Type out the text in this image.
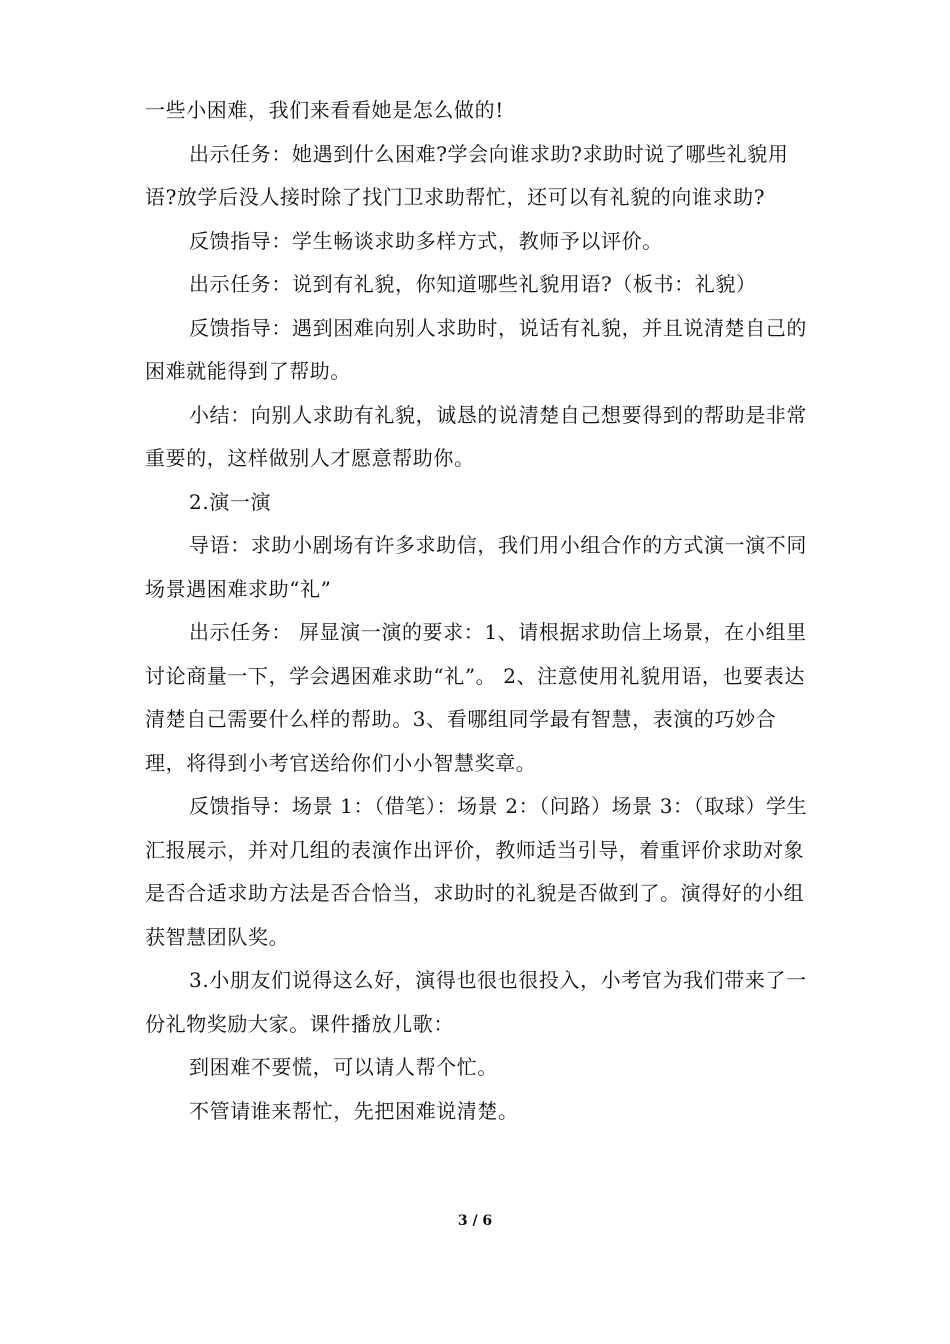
一些小困难，我们来看看她是怎么做的!

出示任务：她遇到什么困难?学会向谁求助?求助时说了哪些礼貌用语?放学后没人接时除了找门卫求助帮忙，还可以有礼貌的向谁求助?

反馈指导：学生畅谈求助多样方式，教师予以评价。

出示任务：说到有礼貌，你知道哪些礼貌用语?（板书：礼貌）

反馈指导：遇到困难向别人求助时，说话有礼貌，并且说清楚自己的困难就能得到了帮助。

小结：向别人求助有礼貌，诚恳的说清楚自己想要得到的帮助是非常重要的，这样做别人才愿意帮助你。

2.演一演

导语：求助小剧场有许多求助信，我们用小组合作的方式演一演不同场景遇困难求助“礼”

出示任务： 屏显演一演的要求：1、请根据求助信上场景，在小组里讨论商量一下，学会遇困难求助“礼”。 2、注意使用礼貌用语，也要表达清楚自己需要什么样的帮助。3、看哪组同学最有智慧，表演的巧妙合理，将得到小考官送给你们小小智慧奖章。

反馈指导：场景 1：（借笔）：场景 2：（问路）场景 3：（取球）学生汇报展示，并对几组的表演作出评价，教师适当引导，着重评价求助对象是否合适求助方法是否合恰当，求助时的礼貌是否做到了。演得好的小组获智慧团队奖。

3.小朋友们说得这么好，演得也很也很投入，小考官为我们带来了一份礼物奖励大家。课件播放儿歌：

到困难不要慌，可以请人帮个忙。

不管请谁来帮忙，先把困难说清楚。

3 / 6
